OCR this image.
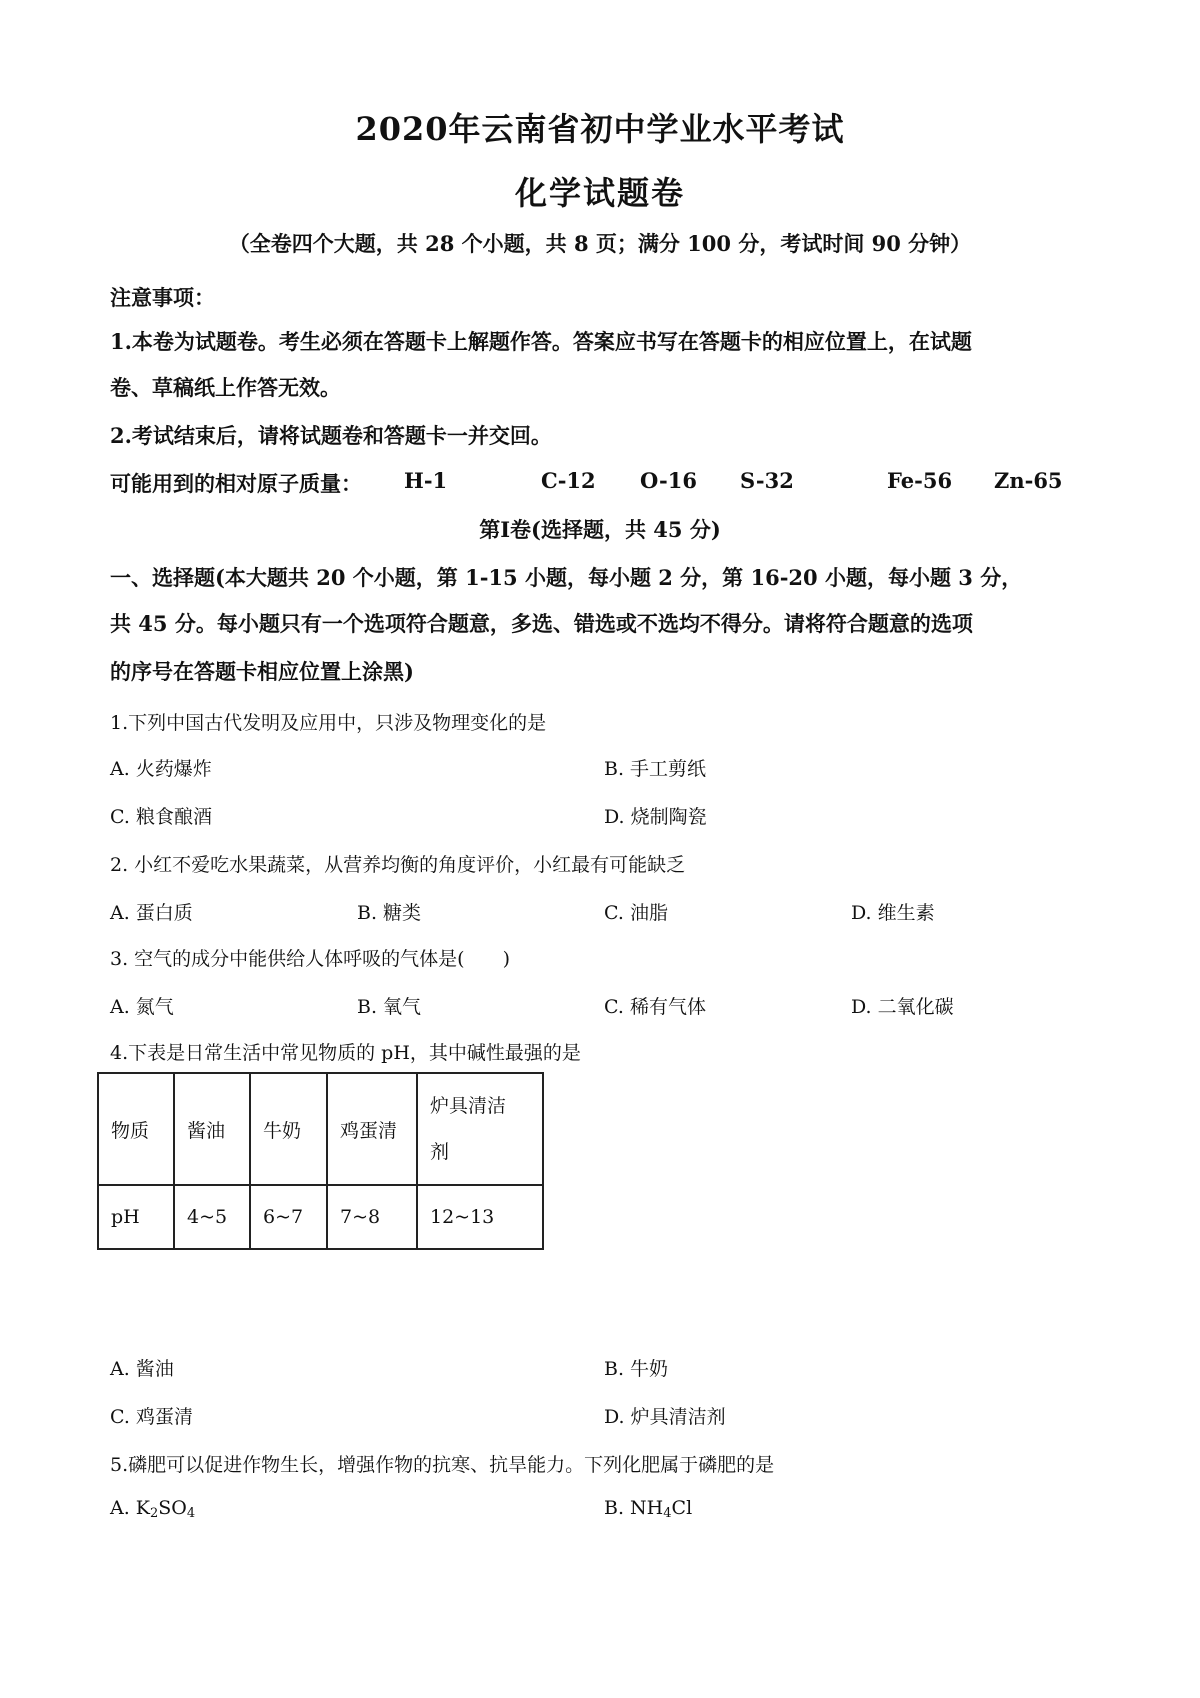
2020年云南省初中学业水平考试
化学试题卷
（全卷四个大题，共 28 个小题，共 8 页；满分 100 分，考试时间 90 分钟）
注意事项：
1.本卷为试题卷。考生必须在答题卡上解题作答。答案应书写在答题卡的相应位置上，在试题
卷、草稿纸上作答无效。
2.考试结束后，请将试题卷和答题卡一并交回。
可能用到的相对原子质量： H-1	C-12 O-16 S-32	Fe-56 Zn-65
第Ⅰ卷(选择题，共 45 分)
一、选择题(本大题共 20 个小题，第 1-15 小题，每小题 2 分，第 16-20 小题，每小题 3 分，
共 45 分。每小题只有一个选项符合题意，多选、错选或不选均不得分。请将符合题意的选项
的序号在答题卡相应位置上涂黑)
1.下列中国古代发明及应用中，只涉及物理变化的是
A. 火药爆炸	B. 手工剪纸
C. 粮食酿酒	D. 烧制陶瓷
2. 小红不爱吃水果蔬菜，从营养均衡的角度评价，小红最有可能缺乏
A. 蛋白质	B. 糖类	C. 油脂	D. 维生素
3. 空气的成分中能供给人体呼吸的气体是(　　)
A. 氮气	B. 氧气	C. 稀有气体	D. 二氧化碳
4.下表是日常生活中常见物质的 pH，其中碱性最强的是
物质	酱油	牛奶	鸡蛋清	炉具清洁
剂
pH	4~5	6~7	7~8	12~13
A. 酱油	B. 牛奶
C. 鸡蛋清	D. 炉具清洁剂
5.磷肥可以促进作物生长，增强作物的抗寒、抗旱能力。下列化肥属于磷肥的是
A. $K_2SO_4$	B. $NH_4Cl$
